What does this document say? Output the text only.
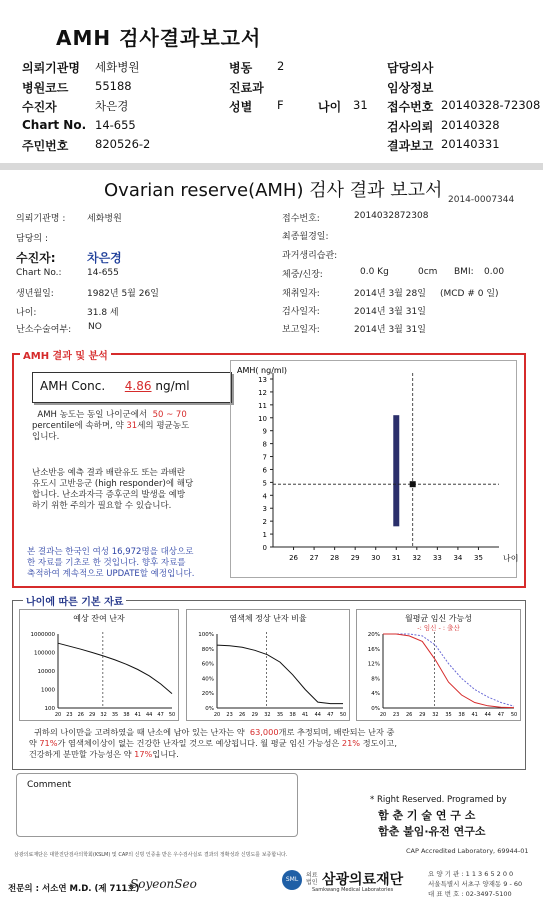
AMH 검사결과보고서
의뢰기관명 세화병원	병동 2	담당의사
병원코드 55188	진료과	임상정보
수진자	차은경	성별 F	나이 31 접수번호 20140328-72308
Chart No. 14-655	검사의뢰 20140328
주민번호 820526-2	결과보고 20140331
Ovarian reserve(AMH) 검사 결과 보고서 2014-0007344
의뢰기관명 : 세화병원
담당의 :
수진자:	차은경
Chart No.:	14-655
생년월일:	1982년 5월 26일
나이:	31.8 세
난소수술여부: NO
접수번호:	2014032872308
최종월경일:
과거생리습관:
체중/신장:	0.0 Kg	0cm BMI: 0.00
채취일자:	2014년 3월 28일 (MCD # 0 일)
검사일자:	2014년 3월 31일
보고일자:	2014년 3월 31일
AMH 결과 및 분석
AMH Conc. 4.86 ng/ml
AMH 농도는 동일 나이군에서 50 ~ 70
percentile에 속하며, 약 31세의 평균농도
입니다.
난소반응 예측 결과 배란유도 또는 과배란
유도시 고반응군 (high responder)에 해당
합니다. 난소과자극 증후군의 발생을 예방
하기 위한 주의가 필요할 수 있습니다.
본 결과는 한국인 여성 16,972명을 대상으로
한 자료를 기초로 한 것입니다. 향후 자료를
축적하여 계속적으로 UPDATE할 예정입니다.
AMH( ng/ml)
0
1
2
3
4
5
6
7
8
9
10
11
12
13
26 27 28 29 30 31 32 33 34 35	나이
나이에 따른 기본 자료
예상 잔여 난자
1000000
100000
10000
1000
100
20 23 26 29 32 35 38 41 44 47 50
염색체 정상 난자 비율
100%
80%
60%
40%
20%
0%
20 23 26 29 32 35 38 41 44 47 50
월평균 임신 가능성
-: 임신 - : 출산
20%
16%
12%
8%
4%
0%
20 23 26 29 32 35 38 41 44 47 50
귀하의 나이만을 고려하였을 때 난소에 남아 있는 난자는 약 63,000개로 추정되며, 배란되는 난자 중
약 71%가 염색체이상이 없는 건강한 난자일 것으로 예상됩니다. 월 평균 임신 가능성은 21% 정도이고,
건강하게 분만할 가능성은 약 17%입니다.
Comment
* Right Reserved. Programed by
함 춘 기 술 연 구 소
함춘 불임·유전 연구소
삼광의료재단은 대한진단검사의학회(KSLM) 및 CAP의 신빙 인증을 받은 우수검사실로 결과의 정확성과 신빙도를 보증합니다.	CAP Accredited Laboratory, 69944-01
전문의 : 서소연 M.D. (제 711호)
SoyeonSeo	SML
의료법인 삼광의료재단
Samkwang Medical Laboratories
요 양 기 관 : 1 1 3 6 5 2 0 0
서울특별시 서초구 양재동 9 - 60
대 표 번 호 : 02-3497-5100
